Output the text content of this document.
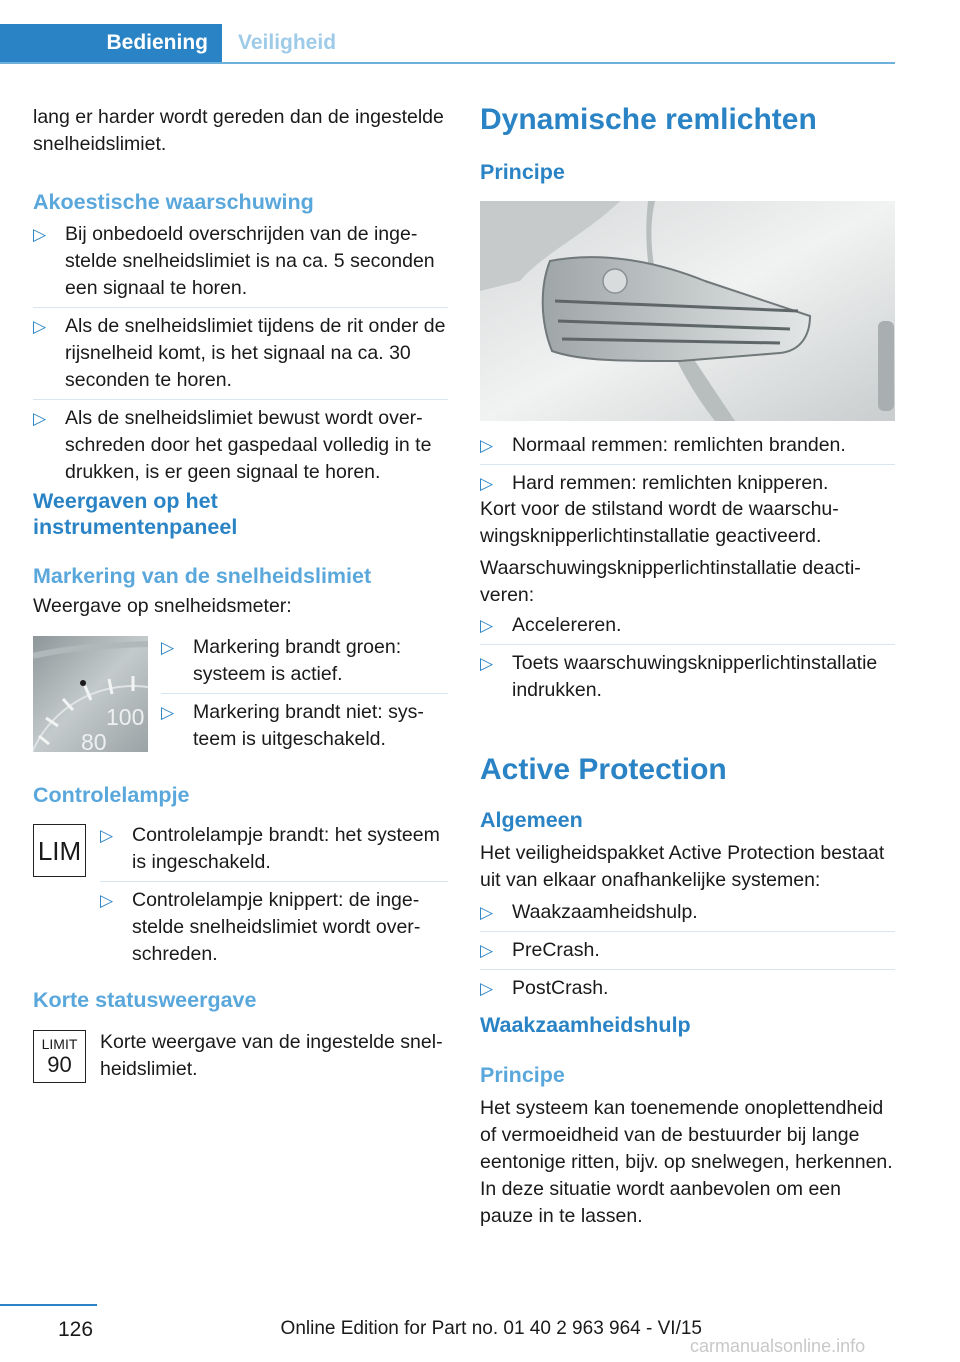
Bediening	Veiligheid

lang er harder wordt gereden dan de ingestelde snelheidslimiet.

Akoestische waarschuwing
▷ Bij onbedoeld overschrijden van de ingestelde snelheidslimiet is na ca. 5 seconden een signaal te horen.
▷ Als de snelheidslimiet tijdens de rit onder de rijsnelheid komt, is het signaal na ca. 30 seconden te horen.
▷ Als de snelheidslimiet bewust wordt overschreden door het gaspedaal volledig in te drukken, is er geen signaal te horen.
Weergaven op het instrumentenpaneel
Markering van de snelheidslimiet
Weergave op snelheidsmeter:
100
80
▷ Markering brandt groen: systeem is actief.
▷ Markering brandt niet: systeem is uitgeschakeld.
Controlelampje
LIM
▷ Controlelampje brandt: het systeem is ingeschakeld.
▷ Controlelampje knippert: de ingestelde snelheidslimiet wordt overschreden.
Korte statusweergave
LIMIT
90

Korte weergave van de ingestelde snelheidslimiet.

Dynamische remlichten
Principe
▷ Normaal remmen: remlichten branden.
▷ Hard remmen: remlichten knipperen.

Kort voor de stilstand wordt de waarschuwingsknipperlichtinstallatie geactiveerd.

Waarschuwingsknipperlichtinstallatie deactiveren:

▷ Accelereren.
▷ Toets waarschuwingsknipperlichtinstallatie indrukken.
Active Protection
Algemeen

Het veiligheidspakket Active Protection bestaat uit van elkaar onafhankelijke systemen:

▷ Waakzaamheidshulp.
▷ PreCrash.
▷ PostCrash.
Waakzaamheidshulp
Principe

Het systeem kan toenemende onoplettendheid of vermoeidheid van de bestuurder bij lange eentonige ritten, bijv. op snelwegen, herkennen. In deze situatie wordt aanbevolen om een pauze in te lassen.

126	Online Edition for Part no. 01 40 2 963 964 - VI/15
carmanualsonline.info
